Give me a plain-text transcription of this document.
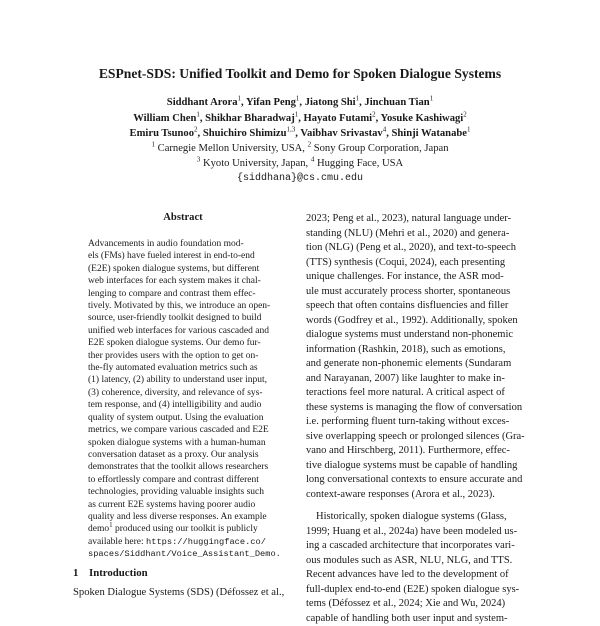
ESPnet-SDS: Unified Toolkit and Demo for Spoken Dialogue Systems
Siddhant Arora$^1$, Yifan Peng$^1$, Jiatong Shi$^1$, Jinchuan Tian$^1$
William Chen$^1$, Shikhar Bharadwaj$^1$, Hayato Futami$^2$, Yosuke Kashiwagi$^2$
Emiru Tsunoo$^2$, Shuichiro Shimizu$^{1,3}$, Vaibhav Srivastav$^4$, Shinji Watanabe$^1$
$^1$ Carnegie Mellon University, USA, $^2$ Sony Group Corporation, Japan
$^3$ Kyoto University, Japan, $^4$ Hugging Face, USA
{siddhana}@cs.cmu.edu
Abstract
Advancements in audio foundation mod-
els (FMs) have fueled interest in end-to-end
(E2E) spoken dialogue systems, but different
web interfaces for each system makes it chal-
lenging to compare and contrast them effec-
tively. Motivated by this, we introduce an open-
source, user-friendly toolkit designed to build
unified web interfaces for various cascaded and
E2E spoken dialogue systems. Our demo fur-
ther provides users with the option to get on-
the-fly automated evaluation metrics such as
(1) latency, (2) ability to understand user input,
(3) coherence, diversity, and relevance of sys-
tem response, and (4) intelligibility and audio
quality of system output. Using the evaluation
metrics, we compare various cascaded and E2E
spoken dialogue systems with a human-human
conversation dataset as a proxy. Our analysis
demonstrates that the toolkit allows researchers
to effortlessly compare and contrast different
technologies, providing valuable insights such
as current E2E systems having poorer audio
quality and less diverse responses. An example
demo$^1$ produced using our toolkit is publicly
available here: https://huggingface.co/
spaces/Siddhant/Voice_Assistant_Demo.
1 Introduction
Spoken Dialogue Systems (SDS) (Défossez et al.,
2023; Peng et al., 2023), natural language under-
standing (NLU) (Mehri et al., 2020) and genera-
tion (NLG) (Peng et al., 2020), and text-to-speech
(TTS) synthesis (Coqui, 2024), each presenting
unique challenges. For instance, the ASR mod-
ule must accurately process shorter, spontaneous
speech that often contains disfluencies and filler
words (Godfrey et al., 1992). Additionally, spoken
dialogue systems must understand non-phonemic
information (Rashkin, 2018), such as emotions,
and generate non-phonemic elements (Sundaram
and Narayanan, 2007) like laughter to make in-
teractions feel more natural. A critical aspect of
these systems is managing the flow of conversation
i.e. performing fluent turn-taking without exces-
sive overlapping speech or prolonged silences (Gra-
vano and Hirschberg, 2011). Furthermore, effec-
tive dialogue systems must be capable of handling
long conversational contexts to ensure accurate and
context-aware responses (Arora et al., 2023).
Historically, spoken dialogue systems (Glass,
1999; Huang et al., 2024a) have been modeled us-
ing a cascaded architecture that incorporates vari-
ous modules such as ASR, NLU, NLG, and TTS.
Recent advances have led to the development of
full-duplex end-to-end (E2E) spoken dialogue sys-
tems (Défossez et al., 2024; Xie and Wu, 2024)
capable of handling both user input and system-
